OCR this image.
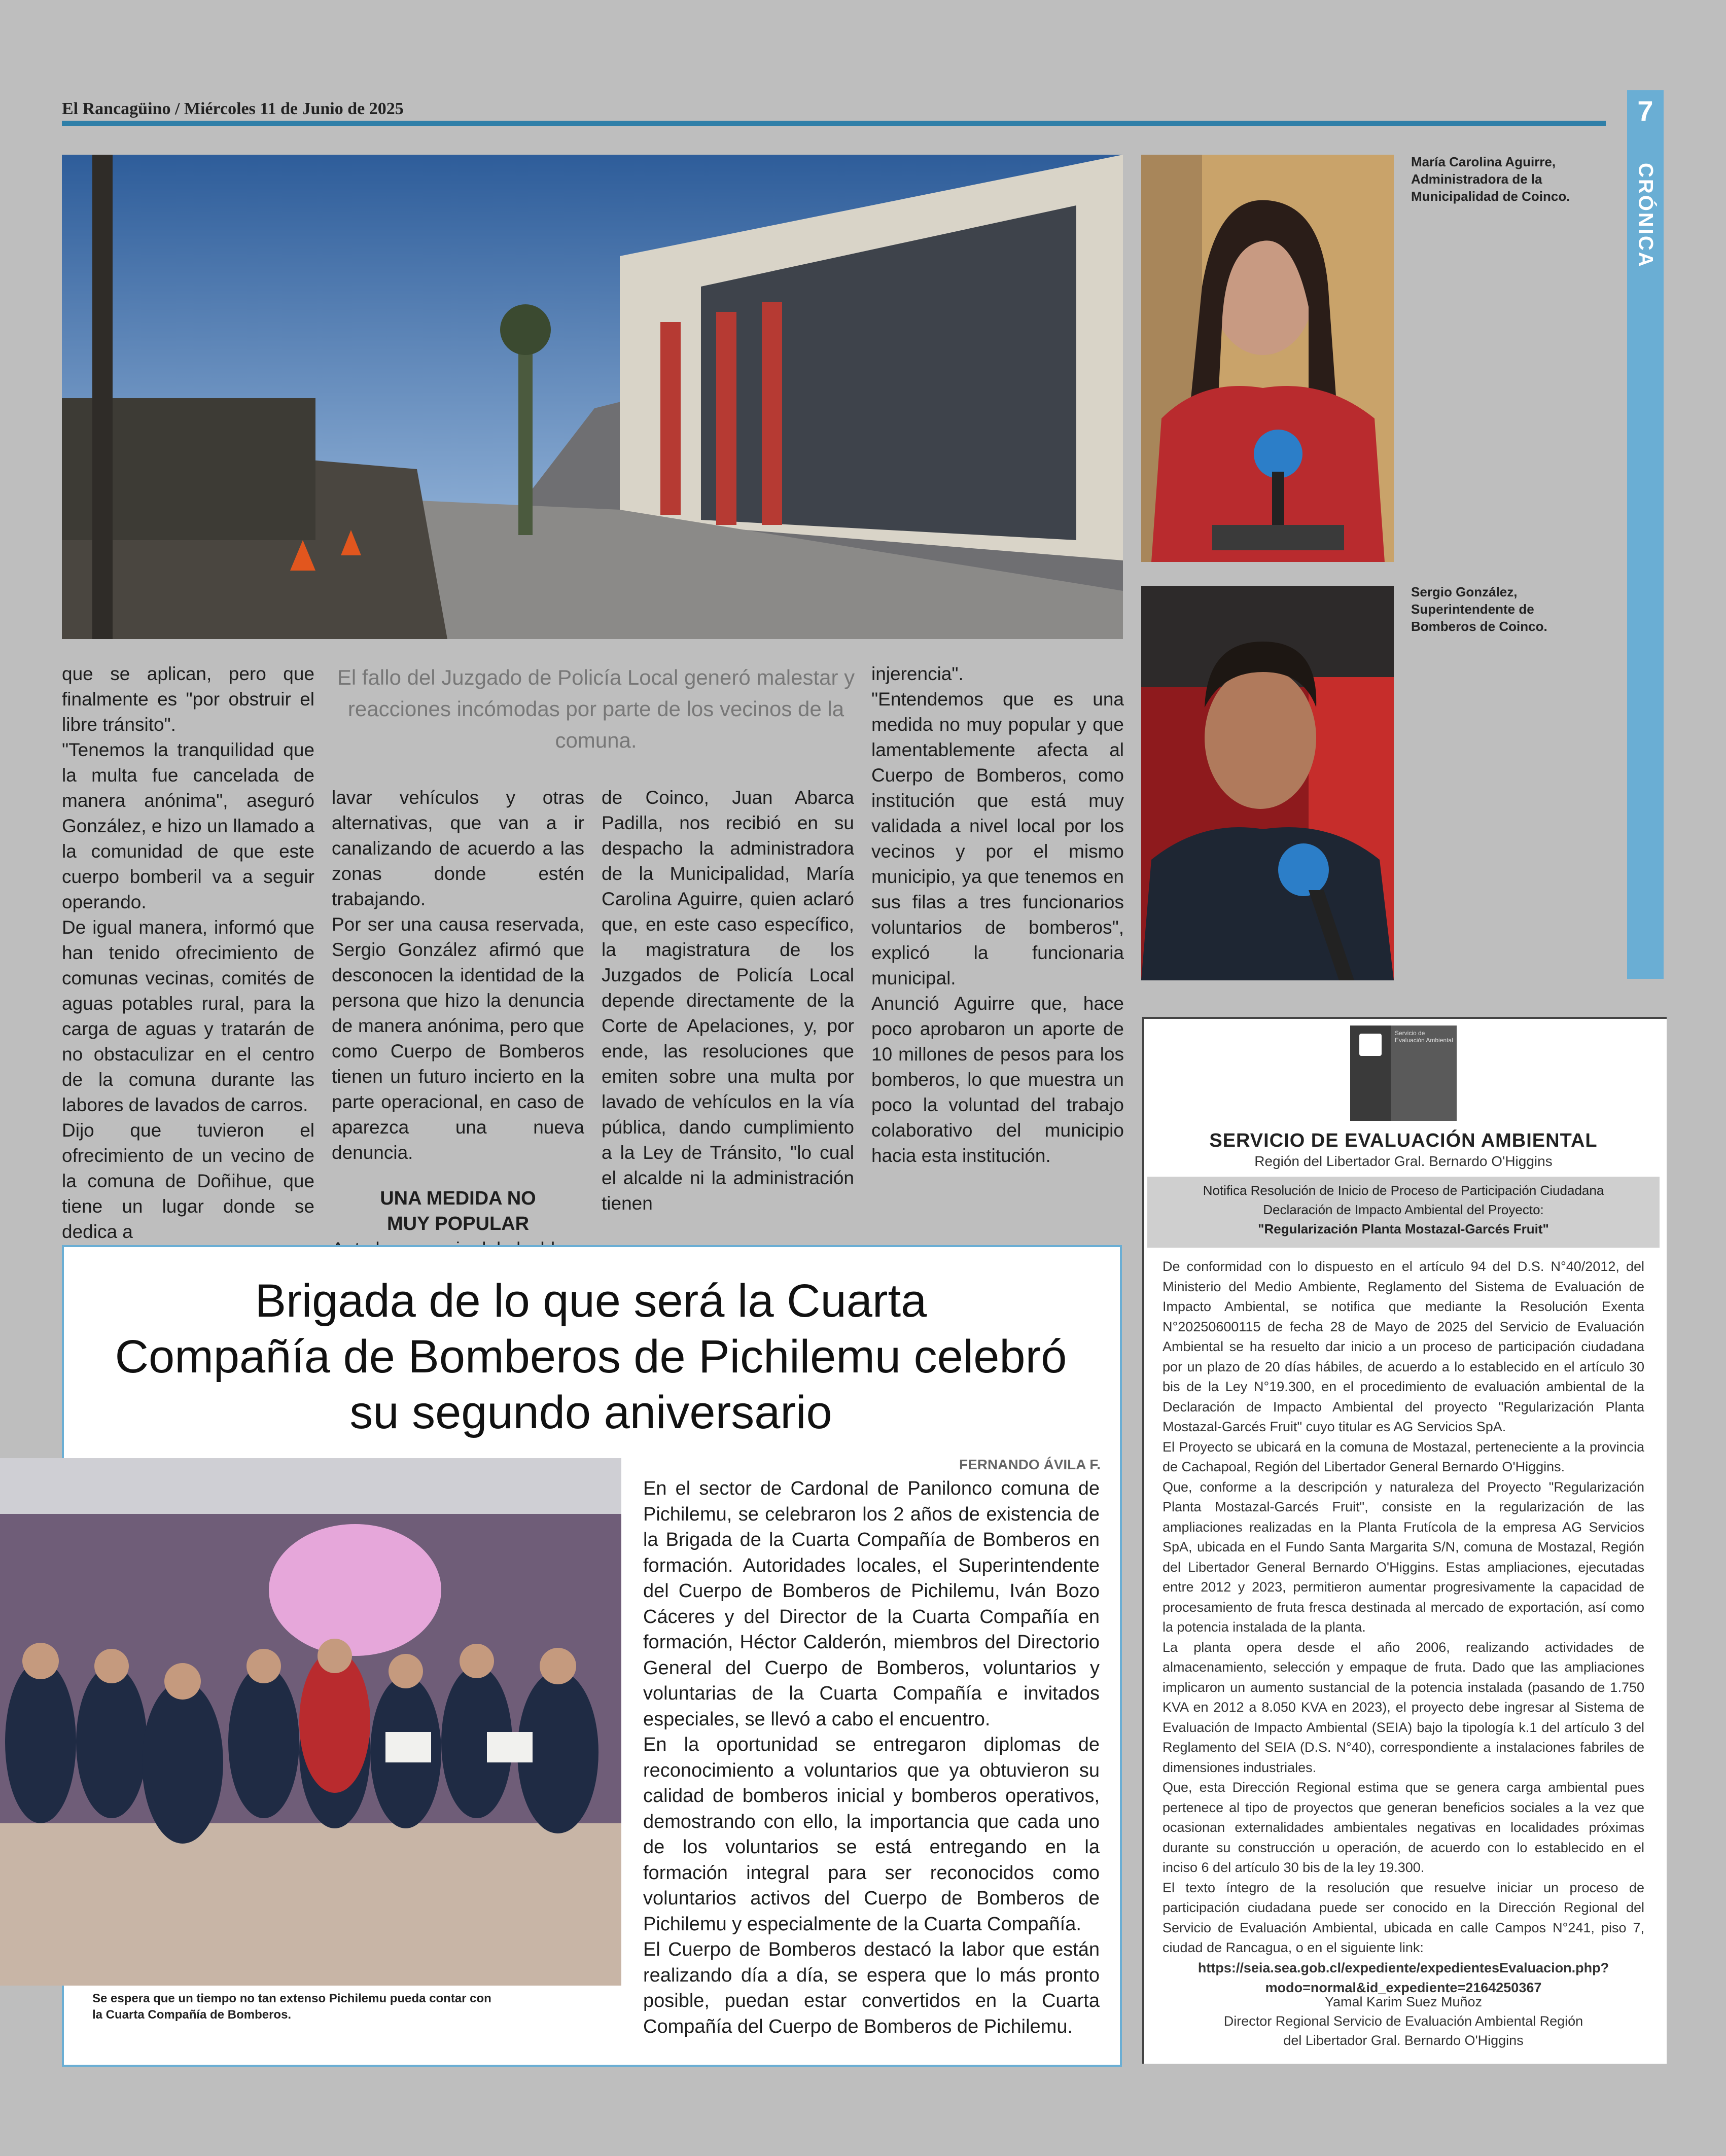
El Rancagüino / Miércoles 11 de Junio de 2025	7
CRÓNICA
María Carolina Aguirre, Administradora de la Municipalidad de Coinco.
Sergio González, Superintendente de Bomberos de Coinco.
El fallo del Juzgado de Policía Local generó malestar y reacciones incómodas por parte de los vecinos de la comuna.

que se aplican, pero que finalmente es "por obstruir el libre tránsito".

"Tenemos la tranquilidad que la multa fue cancelada de manera anónima", aseguró González, e hizo un llamado a la comunidad de que este cuerpo bomberil va a seguir operando.

De igual manera, informó que han tenido ofrecimiento de comunas vecinas, comités de aguas potables rural, para la carga de aguas y tratarán de no obstaculizar en el centro de la comuna durante las labores de lavados de carros.

Dijo que tuvieron el ofrecimiento de un vecino de la comuna de Doñihue, que tiene un lugar donde se dedica a

lavar vehículos y otras alternativas, que van a ir canalizando de acuerdo a las zonas donde estén trabajando.

Por ser una causa reservada, Sergio González afirmó que desconocen la identidad de la persona que hizo la denuncia de manera anónima, pero que como Cuerpo de Bomberos tienen un futuro incierto en la parte operacional, en caso de aparezca una nueva denuncia.

UNA MEDIDA NO MUY POPULAR

de Coinco, Juan Abarca Padilla, nos recibió en su despacho la administradora de la Municipalidad, María Carolina Aguirre, quien aclaró que, en este caso específico, la magistratura de los Juzgados de Policía Local depende directamente de la Corte de Apelaciones, y, por ende, las resoluciones que emiten sobre una multa por lavado de vehículos en la vía pública, dando cumplimiento a la Ley de Tránsito, "lo cual el alcalde ni la administración tienen

injerencia".

"Entendemos que es una medida no muy popular y que lamentablemente afecta al Cuerpo de Bomberos, como institución que está muy validada a nivel local por los vecinos y por el mismo municipio, ya que tenemos en sus filas a tres funcionarios voluntarios de bomberos", explicó la funcionaria municipal.

Anunció Aguirre que, hace poco aprobaron un aporte de 10 millones de pesos para los bomberos, lo que muestra un poco la voluntad del trabajo colaborativo del municipio hacia esta institución.

Brigada de lo que será la Cuarta
Compañía de Bomberos de Pichilemu celebró
su segundo aniversario
FERNANDO ÁVILA F.
Se espera que un tiempo no tan extenso Pichilemu pueda contar con la Cuarta Compañía de Bomberos.

En el sector de Cardonal de Panilonco comuna de Pichilemu, se celebraron los 2 años de existencia de la Brigada de la Cuarta Compañía de Bomberos en formación. Autoridades locales, el Superintendente del Cuerpo de Bomberos de Pichilemu, Iván Bozo Cáceres y del Director de la Cuarta Compañía en formación, Héctor Calderón, miembros del Directorio General del Cuerpo de Bomberos, voluntarios y voluntarias de la Cuarta Compañía e invitados especiales, se llevó a cabo el encuentro.

En la oportunidad se entregaron diplomas de reconocimiento a voluntarios que ya obtuvieron su calidad de bomberos inicial y bomberos operativos, demostrando con ello, la importancia que cada uno de los voluntarios se está entregando en la formación integral para ser reconocidos como voluntarios activos del Cuerpo de Bomberos de Pichilemu y especialmente de la Cuarta Compañía.

El Cuerpo de Bomberos destacó la labor que están realizando día a día, se espera que lo más pronto posible, puedan estar convertidos en la Cuarta Compañía del Cuerpo de Bomberos de Pichilemu.

Servicio de Evaluación Ambiental
SERVICIO DE EVALUACIÓN AMBIENTAL
Región del Libertador Gral. Bernardo O'Higgins
Notifica Resolución de Inicio de Proceso de Participación Ciudadana
Declaración de Impacto Ambiental del Proyecto:
"Regularización Planta Mostazal-Garcés Fruit"

De conformidad con lo dispuesto en el artículo 94 del D.S. N°40/2012, del Ministerio del Medio Ambiente, Reglamento del Sistema de Evaluación de Impacto Ambiental, se notifica que mediante la Resolución Exenta N°20250600115 de fecha 28 de Mayo de 2025 del Servicio de Evaluación Ambiental se ha resuelto dar inicio a un proceso de participación ciudadana por un plazo de 20 días hábiles, de acuerdo a lo establecido en el artículo 30 bis de la Ley N°19.300, en el procedimiento de evaluación ambiental de la Declaración de Impacto Ambiental del proyecto "Regularización Planta Mostazal-Garcés Fruit" cuyo titular es AG Servicios SpA.

El Proyecto se ubicará en la comuna de Mostazal, perteneciente a la provincia de Cachapoal, Región del Libertador General Bernardo O'Higgins.

Que, conforme a la descripción y naturaleza del Proyecto "Regularización Planta Mostazal-Garcés Fruit", consiste en la regularización de las ampliaciones realizadas en la Planta Frutícola de la empresa AG Servicios SpA, ubicada en el Fundo Santa Margarita S/N, comuna de Mostazal, Región del Libertador General Bernardo O'Higgins. Estas ampliaciones, ejecutadas entre 2012 y 2023, permitieron aumentar progresivamente la capacidad de procesamiento de fruta fresca destinada al mercado de exportación, así como la potencia instalada de la planta.

La planta opera desde el año 2006, realizando actividades de almacenamiento, selección y empaque de fruta. Dado que las ampliaciones implicaron un aumento sustancial de la potencia instalada (pasando de 1.750 KVA en 2012 a 8.050 KVA en 2023), el proyecto debe ingresar al Sistema de Evaluación de Impacto Ambiental (SEIA) bajo la tipología k.1 del artículo 3 del Reglamento del SEIA (D.S. N°40), correspondiente a instalaciones fabriles de dimensiones industriales.

Que, esta Dirección Regional estima que se genera carga ambiental pues pertenece al tipo de proyectos que generan beneficios sociales a la vez que ocasionan externalidades ambientales negativas en localidades próximas durante su construcción u operación, de acuerdo con lo establecido en el inciso 6 del artículo 30 bis de la ley 19.300.

El texto íntegro de la resolución que resuelve iniciar un proceso de participación ciudadana puede ser conocido en la Dirección Regional del Servicio de Evaluación Ambiental, ubicada en calle Campos N°241, piso 7, ciudad de Rancagua, o en el siguiente link:

https://seia.sea.gob.cl/expediente/expedientesEvaluacion.php?modo=normal&id_expediente=2164250367

Yamal Karim Suez Muñoz
Director Regional Servicio de Evaluación Ambiental Región del Libertador Gral. Bernardo O'Higgins
